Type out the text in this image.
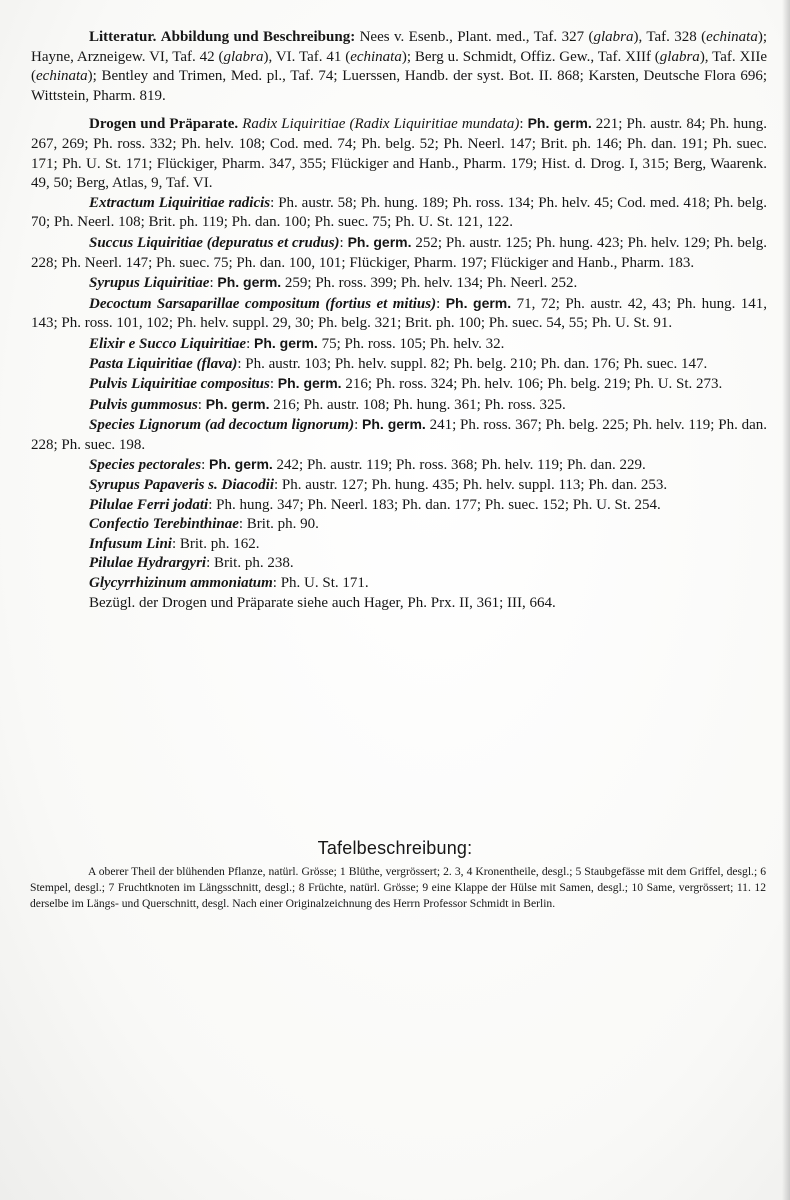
Litteratur. Abbildung und Beschreibung: Nees v. Esenb., Plant. med., Taf. 327 (glabra), Taf. 328 (echinata); Hayne, Arzneigew. VI, Taf. 42 (glabra), VI. Taf. 41 (echinata); Berg u. Schmidt, Offiz. Gew., Taf. XIIf (glabra), Taf. XIIe (echinata); Bentley and Trimen, Med. pl., Taf. 74; Luerssen, Handb. der syst. Bot. II. 868; Karsten, Deutsche Flora 696; Wittstein, Pharm. 819.

Drogen und Präparate. Radix Liquiritiae (Radix Liquiritiae mundata): Ph. germ. 221; Ph. austr. 84; Ph. hung. 267, 269; Ph. ross. 332; Ph. helv. 108; Cod. med. 74; Ph. belg. 52; Ph. Neerl. 147; Brit. ph. 146; Ph. dan. 191; Ph. suec. 171; Ph. U. St. 171; Flückiger, Pharm. 347, 355; Flückiger and Hanb., Pharm. 179; Hist. d. Drog. I, 315; Berg, Waarenk. 49, 50; Berg, Atlas, 9, Taf. VI.

Extractum Liquiritiae radicis: Ph. austr. 58; Ph. hung. 189; Ph. ross. 134; Ph. helv. 45; Cod. med. 418; Ph. belg. 70; Ph. Neerl. 108; Brit. ph. 119; Ph. dan. 100; Ph. suec. 75; Ph. U. St. 121, 122.

Succus Liquiritiae (depuratus et crudus): Ph. germ. 252; Ph. austr. 125; Ph. hung. 423; Ph. helv. 129; Ph. belg. 228; Ph. Neerl. 147; Ph. suec. 75; Ph. dan. 100, 101; Flückiger, Pharm. 197; Flückiger and Hanb., Pharm. 183.

Syrupus Liquiritiae: Ph. germ. 259; Ph. ross. 399; Ph. helv. 134; Ph. Neerl. 252.

Decoctum Sarsaparillae compositum (fortius et mitius): Ph. germ. 71, 72; Ph. austr. 42, 43; Ph. hung. 141, 143; Ph. ross. 101, 102; Ph. helv. suppl. 29, 30; Ph. belg. 321; Brit. ph. 100; Ph. suec. 54, 55; Ph. U. St. 91.

Elixir e Succo Liquiritiae: Ph. germ. 75; Ph. ross. 105; Ph. helv. 32.

Pasta Liquiritiae (flava): Ph. austr. 103; Ph. helv. suppl. 82; Ph. belg. 210; Ph. dan. 176; Ph. suec. 147.

Pulvis Liquiritiae compositus: Ph. germ. 216; Ph. ross. 324; Ph. helv. 106; Ph. belg. 219; Ph. U. St. 273.

Pulvis gummosus: Ph. germ. 216; Ph. austr. 108; Ph. hung. 361; Ph. ross. 325.

Species Lignorum (ad decoctum lignorum): Ph. germ. 241; Ph. ross. 367; Ph. belg. 225; Ph. helv. 119; Ph. dan. 228; Ph. suec. 198.

Species pectorales: Ph. germ. 242; Ph. austr. 119; Ph. ross. 368; Ph. helv. 119; Ph. dan. 229.

Syrupus Papaveris s. Diacodii: Ph. austr. 127; Ph. hung. 435; Ph. helv. suppl. 113; Ph. dan. 253.

Pilulae Ferri jodati: Ph. hung. 347; Ph. Neerl. 183; Ph. dan. 177; Ph. suec. 152; Ph. U. St. 254.

Confectio Terebinthinae: Brit. ph. 90.

Infusum Lini: Brit. ph. 162.

Pilulae Hydrargyri: Brit. ph. 238.

Glycyrrhizinum ammoniatum: Ph. U. St. 171.

Bezügl. der Drogen und Präparate siehe auch Hager, Ph. Prx. II, 361; III, 664.

Tafelbeschreibung:

A oberer Theil der blühenden Pflanze, natürl. Grösse; 1 Blüthe, vergrössert; 2. 3, 4 Kronentheile, desgl.; 5 Staubgefässe mit dem Griffel, desgl.; 6 Stempel, desgl.; 7 Fruchtknoten im Längsschnitt, desgl.; 8 Früchte, natürl. Grösse; 9 eine Klappe der Hülse mit Samen, desgl.; 10 Same, vergrössert; 11. 12 derselbe im Längs- und Querschnitt, desgl. Nach einer Originalzeichnung des Herrn Professor Schmidt in Berlin.
